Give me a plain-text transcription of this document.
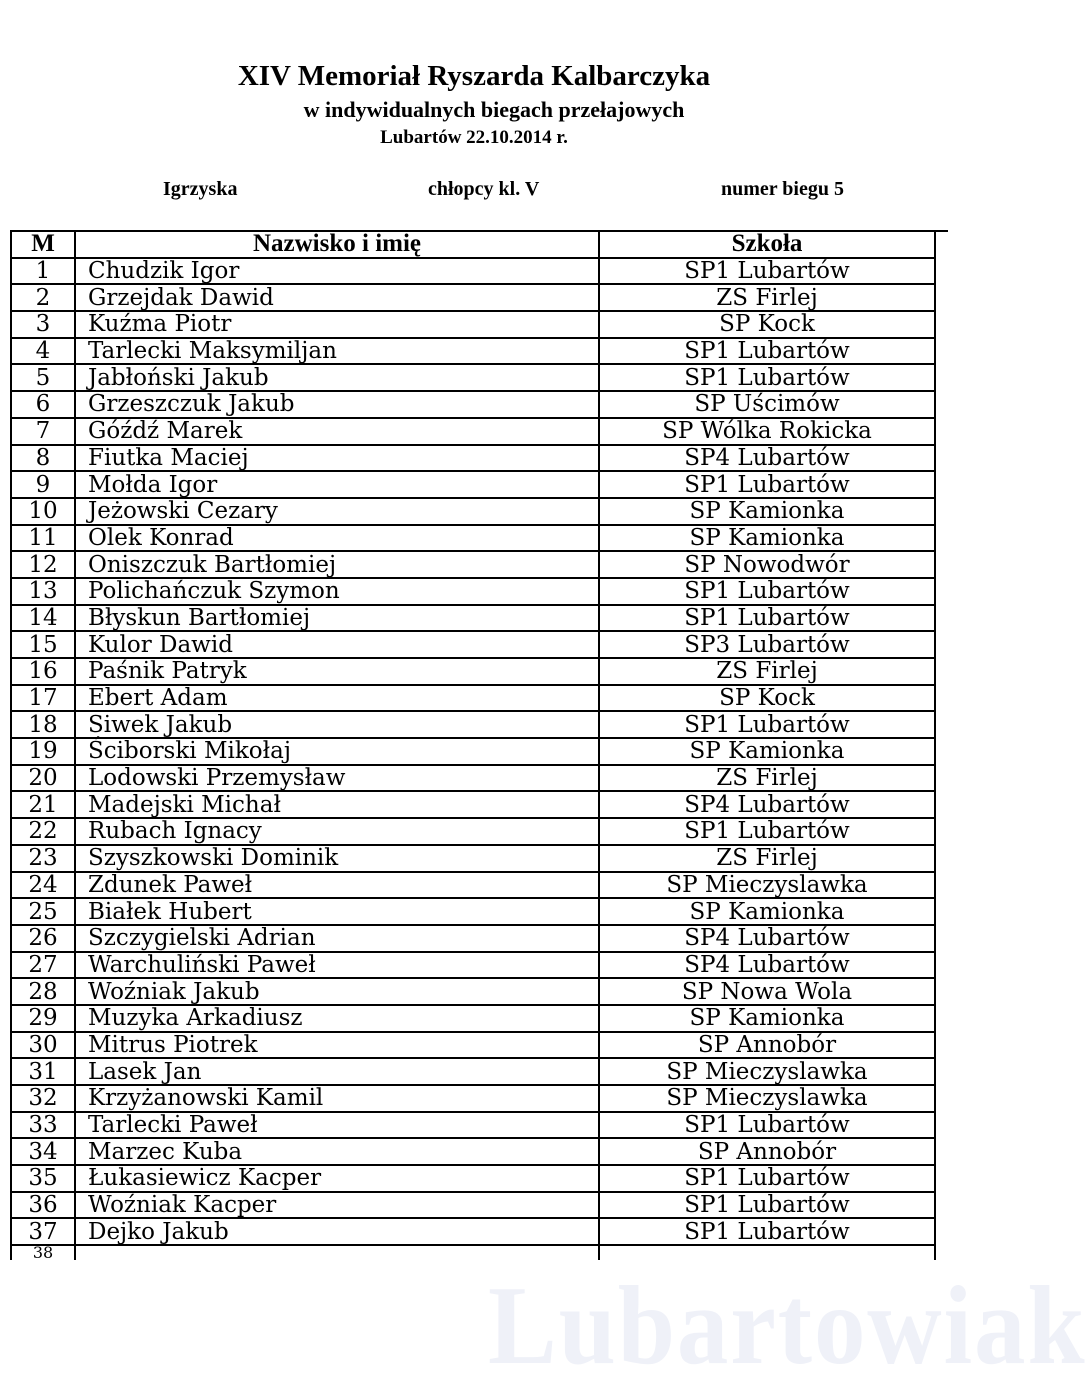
XIV Memoriał Ryszarda Kalbarczyka
w indywidualnych biegach przełajowych
Lubartów 22.10.2014 r.
Igrzyska	chłopcy kl. V	numer biegu 5
Lubartowiak
M	Nazwisko i imię	Szkoła
1	Chudzik Igor	SP1 Lubartów
2	Grzejdak Dawid	ZS Firlej
3	Kuźma Piotr	SP Kock
4	Tarlecki Maksymiljan	SP1 Lubartów
5	Jabłoński Jakub	SP1 Lubartów
6	Grzeszczuk Jakub	SP Uścimów
7	Góźdź Marek	SP Wólka Rokicka
8	Fiutka Maciej	SP4 Lubartów
9	Mołda Igor	SP1 Lubartów
10	Jeżowski Cezary	SP Kamionka
11	Olek Konrad	SP Kamionka
12	Oniszczuk Bartłomiej	SP Nowodwór
13	Polichańczuk Szymon	SP1 Lubartów
14	Błyskun Bartłomiej	SP1 Lubartów
15	Kulor Dawid	SP3 Lubartów
16	Paśnik Patryk	ZS Firlej
17	Ebert Adam	SP Kock
18	Siwek Jakub	SP1 Lubartów
19	Ściborski Mikołaj	SP Kamionka
20	Lodowski Przemysław	ZS Firlej
21	Madejski Michał	SP4 Lubartów
22	Rubach Ignacy	SP1 Lubartów
23	Szyszkowski Dominik	ZS Firlej
24	Zdunek Paweł	SP Mieczyslawka
25	Białek Hubert	SP Kamionka
26	Szczygielski Adrian	SP4 Lubartów
27	Warchuliński Paweł	SP4 Lubartów
28	Woźniak Jakub	SP Nowa Wola
29	Muzyka Arkadiusz	SP Kamionka
30	Mitrus Piotrek	SP Annobór
31	Lasek Jan	SP Mieczyslawka
32	Krzyżanowski Kamil	SP Mieczyslawka
33	Tarlecki Paweł	SP1 Lubartów
34	Marzec Kuba	SP Annobór
35	Łukasiewicz Kacper	SP1 Lubartów
36	Woźniak Kacper	SP1 Lubartów
37	Dejko Jakub	SP1 Lubartów
38		
